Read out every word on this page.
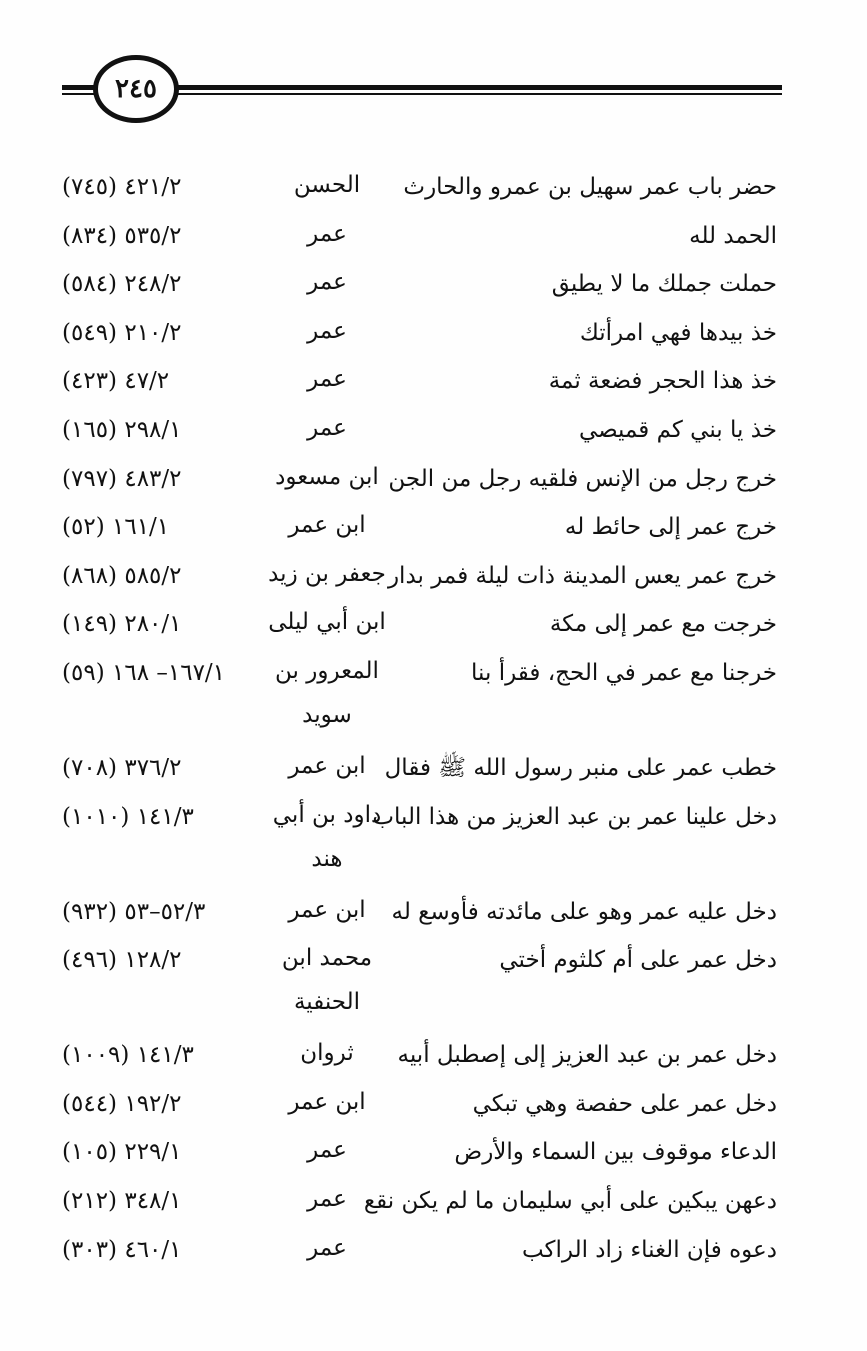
٢٤٥
حضر باب عمر سهيل بن عمرو والحارث
الحسن
٤٢١/٢ (٧٤٥)
الحمد لله
عمر
٥٣٥/٢ (٨٣٤)
حملت جملك ما لا يطيق
عمر
٢٤٨/٢ (٥٨٤)
خذ بيدها فهي امرأتك
عمر
٢١٠/٢ (٥٤٩)
خذ هذا الحجر فضعة ثمة
عمر
٤٧/٢ (٤٢٣)
خذ يا بني كم قميصي
عمر
٢٩٨/١ (١٦٥)
خرج رجل من الإنس فلقيه رجل من الجن
ابن مسعود
٤٨٣/٢ (٧٩٧)
خرج عمر إلى حائط له
ابن عمر
١٦١/١ (٥٢)
خرج عمر يعس المدينة ذات ليلة فمر بدار
جعفر بن زيد
٥٨٥/٢ (٨٦٨)
خرجت مع عمر إلى مكة
ابن أبي ليلى
٢٨٠/١ (١٤٩)
خرجنا مع عمر في الحج، فقرأ بنا
المعرور بن سويد
١٦٧/١– ١٦٨ (٥٩)
خطب عمر على منبر رسول الله ﷺ فقال
ابن عمر
٣٧٦/٢ (٧٠٨)
دخل علينا عمر بن عبد العزيز من هذا الباب
داود بن أبي هند
١٤١/٣ (١٠١٠)
دخل عليه عمر وهو على مائدته فأوسع له
ابن عمر
٥٢/٣–٥٣ (٩٣٢)
دخل عمر على أم كلثوم أختي
محمد ابن الحنفية
١٢٨/٢ (٤٩٦)
دخل عمر بن عبد العزيز إلى إصطبل أبيه
ثروان
١٤١/٣ (١٠٠٩)
دخل عمر على حفصة وهي تبكي
ابن عمر
١٩٢/٢ (٥٤٤)
الدعاء موقوف بين السماء والأرض
عمر
٢٢٩/١ (١٠٥)
دعهن يبكين على أبي سليمان ما لم يكن نقع
عمر
٣٤٨/١ (٢١٢)
دعوه فإن الغناء زاد الراكب
عمر
٤٦٠/١ (٣٠٣)
